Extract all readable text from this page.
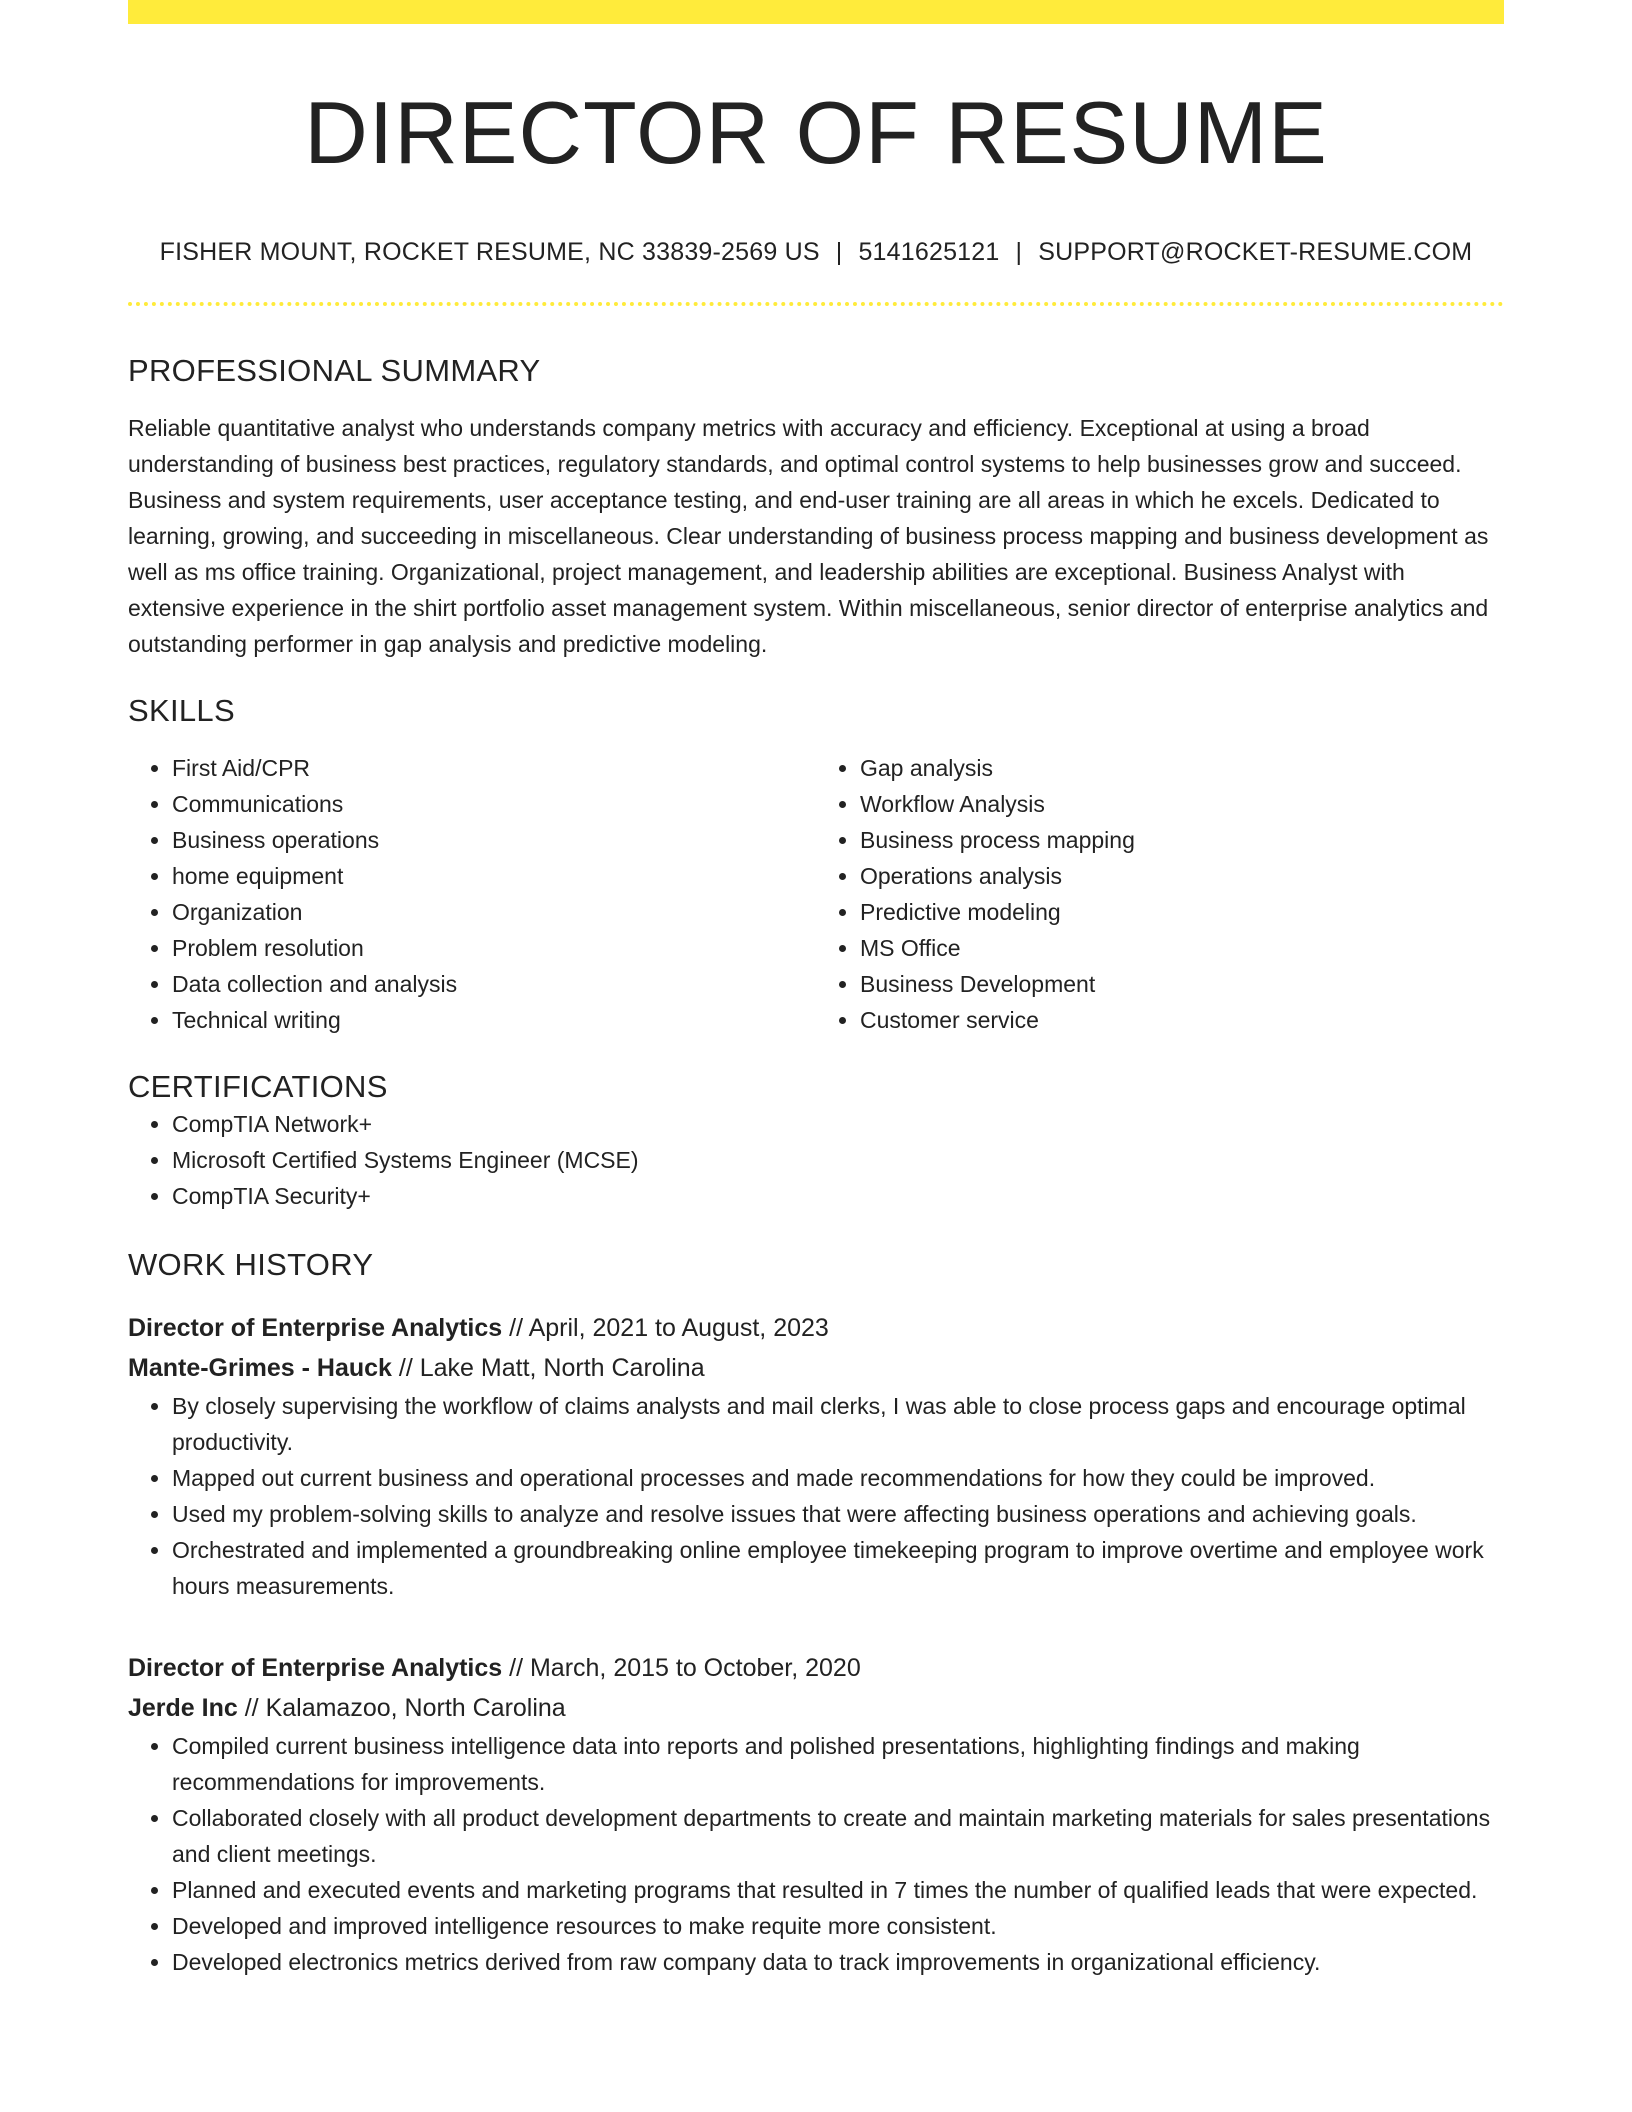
DIRECTOR OF RESUME
FISHER MOUNT, ROCKET RESUME, NC 33839-2569 US | 5141625121 | SUPPORT@ROCKET-RESUME.COM
PROFESSIONAL SUMMARY
Reliable quantitative analyst who understands company metrics with accuracy and efficiency. Exceptional at using a broad understanding of business best practices, regulatory standards, and optimal control systems to help businesses grow and succeed. Business and system requirements, user acceptance testing, and end-user training are all areas in which he excels. Dedicated to learning, growing, and succeeding in miscellaneous. Clear understanding of business process mapping and business development as well as ms office training. Organizational, project management, and leadership abilities are exceptional. Business Analyst with extensive experience in the shirt portfolio asset management system. Within miscellaneous, senior director of enterprise analytics and outstanding performer in gap analysis and predictive modeling.
SKILLS
• First Aid/CPR
• Communications
• Business operations
• home equipment
• Organization
• Problem resolution
• Data collection and analysis
• Technical writing
• Gap analysis
• Workflow Analysis
• Business process mapping
• Operations analysis
• Predictive modeling
• MS Office
• Business Development
• Customer service
CERTIFICATIONS
• CompTIA Network+
• Microsoft Certified Systems Engineer (MCSE)
• CompTIA Security+
WORK HISTORY
Director of Enterprise Analytics // April, 2021 to August, 2023
Mante-Grimes - Hauck // Lake Matt, North Carolina
• By closely supervising the workflow of claims analysts and mail clerks, I was able to close process gaps and encourage optimal productivity.
• Mapped out current business and operational processes and made recommendations for how they could be improved.
• Used my problem-solving skills to analyze and resolve issues that were affecting business operations and achieving goals.
• Orchestrated and implemented a groundbreaking online employee timekeeping program to improve overtime and employee work hours measurements.
Director of Enterprise Analytics // March, 2015 to October, 2020
Jerde Inc // Kalamazoo, North Carolina
• Compiled current business intelligence data into reports and polished presentations, highlighting findings and making recommendations for improvements.
• Collaborated closely with all product development departments to create and maintain marketing materials for sales presentations and client meetings.
• Planned and executed events and marketing programs that resulted in 7 times the number of qualified leads that were expected.
• Developed and improved intelligence resources to make requite more consistent.
• Developed electronics metrics derived from raw company data to track improvements in organizational efficiency.
